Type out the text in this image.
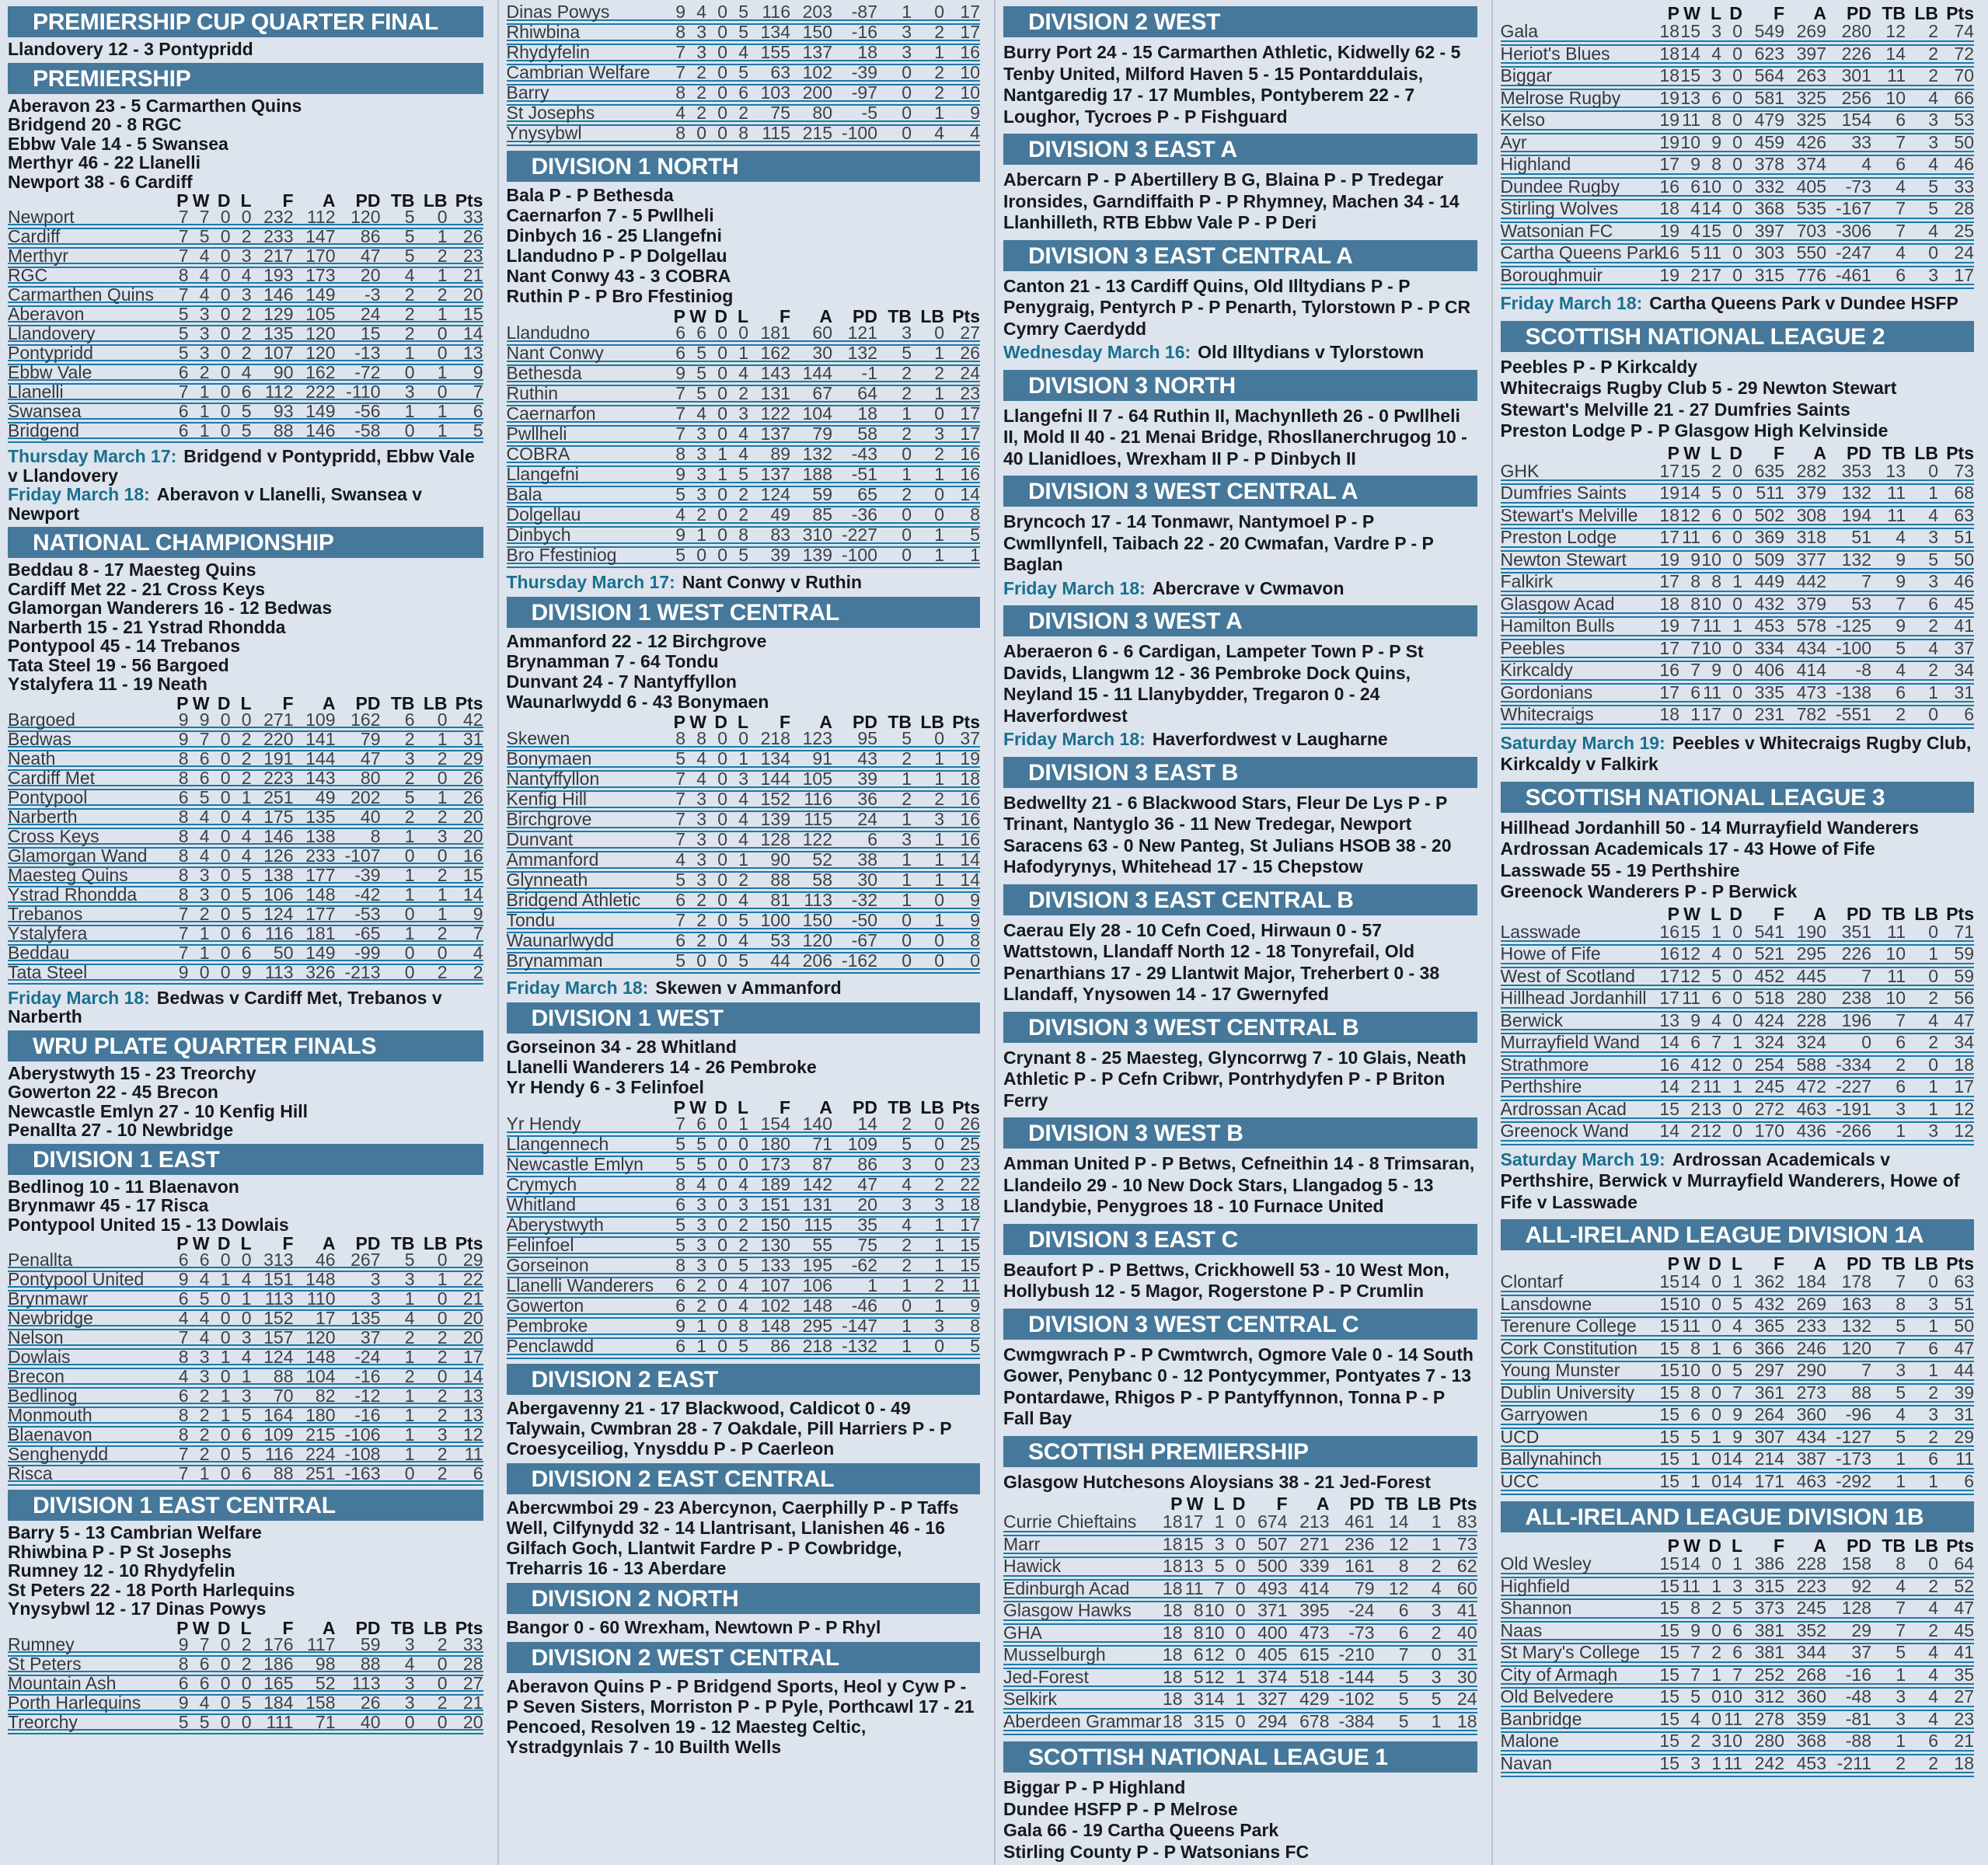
PREMIERSHIP CUP QUARTER FINAL
Llandovery 12 - 3 Pontypridd
PREMIERSHIP
Aberavon 23 - 5 Carmarthen Quins
Bridgend 20 - 8 RGC
Ebbw Vale 14 - 5 Swansea
Merthyr 46 - 22 Llanelli
Newport 38 - 6 Cardiff
	P	W	D	L	F	A	PD	TB	LB	Pts
Newport	7	7	0	0	232	112	120	5	0	33
Cardiff	7	5	0	2	233	147	86	5	1	26
Merthyr	7	4	0	3	217	170	47	5	2	23
RGC	8	4	0	4	193	173	20	4	1	21
Carmarthen Quins	7	4	0	3	146	149	-3	2	2	20
Aberavon	5	3	0	2	129	105	24	2	1	15
Llandovery	5	3	0	2	135	120	15	2	0	14
Pontypridd	5	3	0	2	107	120	-13	1	0	13
Ebbw Vale	6	2	0	4	90	162	-72	0	1	9
Llanelli	7	1	0	6	112	222	-110	3	0	7
Swansea	6	1	0	5	93	149	-56	1	1	6
Bridgend	6	1	0	5	88	146	-58	0	1	5
Thursday March 17: Bridgend v Pontypridd, Ebbw Vale v Llandovery
Friday March 18: Aberavon v Llanelli, Swansea v Newport
NATIONAL CHAMPIONSHIP
Beddau 8 - 17 Maesteg Quins
Cardiff Met 22 - 21 Cross Keys
Glamorgan Wanderers 16 - 12 Bedwas
Narberth 15 - 21 Ystrad Rhondda
Pontypool 45 - 14 Trebanos
Tata Steel 19 - 56 Bargoed
Ystalyfera 11 - 19 Neath
	P	W	D	L	F	A	PD	TB	LB	Pts
Bargoed	9	9	0	0	271	109	162	6	0	42
Bedwas	9	7	0	2	220	141	79	2	1	31
Neath	8	6	0	2	191	144	47	3	2	29
Cardiff Met	8	6	0	2	223	143	80	2	0	26
Pontypool	6	5	0	1	251	49	202	5	1	26
Narberth	8	4	0	4	175	135	40	2	2	20
Cross Keys	8	4	0	4	146	138	8	1	3	20
Glamorgan Wand	8	4	0	4	126	233	-107	0	0	16
Maesteg Quins	8	3	0	5	138	177	-39	1	2	15
Ystrad Rhondda	8	3	0	5	106	148	-42	1	1	14
Trebanos	7	2	0	5	124	177	-53	0	1	9
Ystalyfera	7	1	0	6	116	181	-65	1	2	7
Beddau	7	1	0	6	50	149	-99	0	0	4
Tata Steel	9	0	0	9	113	326	-213	0	2	2
Friday March 18: Bedwas v Cardiff Met, Trebanos v Narberth
WRU PLATE QUARTER FINALS
Aberystwyth 15 - 23 Treorchy
Gowerton 22 - 45 Brecon
Newcastle Emlyn 27 - 10 Kenfig Hill
Penallta 27 - 10 Newbridge
DIVISION 1 EAST
Bedlinog 10 - 11 Blaenavon
Brynmawr 45 - 17 Risca
Pontypool United 15 - 13 Dowlais
	P	W	D	L	F	A	PD	TB	LB	Pts
Penallta	6	6	0	0	313	46	267	5	0	29
Pontypool United	9	4	1	4	151	148	3	3	1	22
Brynmawr	6	5	0	1	113	110	3	1	0	21
Newbridge	4	4	0	0	152	17	135	4	0	20
Nelson	7	4	0	3	157	120	37	2	2	20
Dowlais	8	3	1	4	124	148	-24	1	2	17
Brecon	4	3	0	1	88	104	-16	2	0	14
Bedlinog	6	2	1	3	70	82	-12	1	2	13
Monmouth	8	2	1	5	164	180	-16	1	2	13
Blaenavon	8	2	0	6	109	215	-106	1	3	12
Senghenydd	7	2	0	5	116	224	-108	1	2	11
Risca	7	1	0	6	88	251	-163	0	2	6
DIVISION 1 EAST CENTRAL
Barry 5 - 13 Cambrian Welfare
Rhiwbina P - P St Josephs
Rumney 12 - 10 Rhydyfelin
St Peters 22 - 18 Porth Harlequins
Ynysybwl 12 - 17 Dinas Powys
	P	W	D	L	F	A	PD	TB	LB	Pts
Rumney	9	7	0	2	176	117	59	3	2	33
St Peters	8	6	0	2	186	98	88	4	0	28
Mountain Ash	6	6	0	0	165	52	113	3	0	27
Porth Harlequins	9	4	0	5	184	158	26	3	2	21
Treorchy	5	5	0	0	111	71	40	0	0	20
Dinas Powys	9	4	0	5	116	203	-87	1	0	17
Rhiwbina	8	3	0	5	134	150	-16	3	2	17
Rhydyfelin	7	3	0	4	155	137	18	3	1	16
Cambrian Welfare	7	2	0	5	63	102	-39	0	2	10
Barry	8	2	0	6	103	200	-97	0	2	10
St Josephs	4	2	0	2	75	80	-5	0	1	9
Ynysybwl	8	0	0	8	115	215	-100	0	4	4
DIVISION 1 NORTH
Bala P - P Bethesda
Caernarfon 7 - 5 Pwllheli
Dinbych 16 - 25 Llangefni
Llandudno P - P Dolgellau
Nant Conwy 43 - 3 COBRA
Ruthin P - P Bro Ffestiniog
	P	W	D	L	F	A	PD	TB	LB	Pts
Llandudno	6	6	0	0	181	60	121	3	0	27
Nant Conwy	6	5	0	1	162	30	132	5	1	26
Bethesda	9	5	0	4	143	144	-1	2	2	24
Ruthin	7	5	0	2	131	67	64	2	1	23
Caernarfon	7	4	0	3	122	104	18	1	0	17
Pwllheli	7	3	0	4	137	79	58	2	3	17
COBRA	8	3	1	4	89	132	-43	0	2	16
Llangefni	9	3	1	5	137	188	-51	1	1	16
Bala	5	3	0	2	124	59	65	2	0	14
Dolgellau	4	2	0	2	49	85	-36	0	0	8
Dinbych	9	1	0	8	83	310	-227	0	1	5
Bro Ffestiniog	5	0	0	5	39	139	-100	0	1	1
Thursday March 17: Nant Conwy v Ruthin
DIVISION 1 WEST CENTRAL
Ammanford 22 - 12 Birchgrove
Brynamman 7 - 64 Tondu
Dunvant 24 - 7 Nantyffyllon
Waunarlwydd 6 - 43 Bonymaen
	P	W	D	L	F	A	PD	TB	LB	Pts
Skewen	8	8	0	0	218	123	95	5	0	37
Bonymaen	5	4	0	1	134	91	43	2	1	19
Nantyffyllon	7	4	0	3	144	105	39	1	1	18
Kenfig Hill	7	3	0	4	152	116	36	2	2	16
Birchgrove	7	3	0	4	139	115	24	1	3	16
Dunvant	7	3	0	4	128	122	6	3	1	16
Ammanford	4	3	0	1	90	52	38	1	1	14
Glynneath	5	3	0	2	88	58	30	1	1	14
Bridgend Athletic	6	2	0	4	81	113	-32	1	0	9
Tondu	7	2	0	5	100	150	-50	0	1	9
Waunarlwydd	6	2	0	4	53	120	-67	0	0	8
Brynamman	5	0	0	5	44	206	-162	0	0	0
Friday March 18: Skewen v Ammanford
DIVISION 1 WEST
Gorseinon 34 - 28 Whitland
Llanelli Wanderers 14 - 26 Pembroke
Yr Hendy 6 - 3 Felinfoel
	P	W	D	L	F	A	PD	TB	LB	Pts
Yr Hendy	7	6	0	1	154	140	14	2	0	26
Llangennech	5	5	0	0	180	71	109	5	0	25
Newcastle Emlyn	5	5	0	0	173	87	86	3	0	23
Crymych	8	4	0	4	189	142	47	4	2	22
Whitland	6	3	0	3	151	131	20	3	3	18
Aberystwyth	5	3	0	2	150	115	35	4	1	17
Felinfoel	5	3	0	2	130	55	75	2	1	15
Gorseinon	8	3	0	5	133	195	-62	2	1	15
Llanelli Wanderers	6	2	0	4	107	106	1	1	2	11
Gowerton	6	2	0	4	102	148	-46	0	1	9
Pembroke	9	1	0	8	148	295	-147	1	3	8
Penclawdd	6	1	0	5	86	218	-132	1	0	5
DIVISION 2 EAST
Abergavenny 21 - 17 Blackwood, Caldicot 0 - 49 Talywain, Cwmbran 28 - 7 Oakdale, Pill Harriers P - P Croesyceiliog, Ynysddu P - P Caerleon
DIVISION 2 EAST CENTRAL
Abercwmboi 29 - 23 Abercynon, Caerphilly P - P Taffs Well, Cilfynydd 32 - 14 Llantrisant, Llanishen 46 - 16 Gilfach Goch, Llantwit Fardre P - P Cowbridge, Treharris 16 - 13 Aberdare
DIVISION 2 NORTH
Bangor 0 - 60 Wrexham, Newtown P - P Rhyl
DIVISION 2 WEST CENTRAL
Aberavon Quins P - P Bridgend Sports, Heol y Cyw P - P Seven Sisters, Morriston P - P Pyle, Porthcawl 17 - 21 Pencoed, Resolven 19 - 12 Maesteg Celtic, Ystradgynlais 7 - 10 Builth Wells
DIVISION 2 WEST
Burry Port 24 - 15 Carmarthen Athletic, Kidwelly 62 - 5 Tenby United, Milford Haven 5 - 15 Pontarddulais, Nantgaredig 17 - 17 Mumbles, Pontyberem 22 - 7 Loughor, Tycroes P - P Fishguard
DIVISION 3 EAST A
Abercarn P - P Abertillery B G, Blaina P - P Tredegar Ironsides, Garndiffaith P - P Rhymney, Machen 34 - 14 Llanhilleth, RTB Ebbw Vale P - P Deri
DIVISION 3 EAST CENTRAL A
Canton 21 - 13 Cardiff Quins, Old Illtydians P - P Penygraig, Pentyrch P - P Penarth, Tylorstown P - P CR Cymry Caerdydd
Wednesday March 16: Old Illtydians v Tylorstown
DIVISION 3 NORTH
Llangefni II 7 - 64 Ruthin II, Machynlleth 26 - 0 Pwllheli II, Mold II 40 - 21 Menai Bridge, Rhosllanerchrugog 10 - 40 Llanidloes, Wrexham II P - P Dinbych II
DIVISION 3 WEST CENTRAL A
Bryncoch 17 - 14 Tonmawr, Nantymoel P - P Cwmllynfell, Taibach 22 - 20 Cwmafan, Vardre P - P Baglan
Friday March 18: Abercrave v Cwmavon
DIVISION 3 WEST A
Aberaeron 6 - 6 Cardigan, Lampeter Town P - P St Davids, Llangwm 12 - 36 Pembroke Dock Quins, Neyland 15 - 11 Llanybydder, Tregaron 0 - 24 Haverfordwest
Friday March 18: Haverfordwest v Laugharne
DIVISION 3 EAST B
Bedwellty 21 - 6 Blackwood Stars, Fleur De Lys P - P Trinant, Nantyglo 36 - 11 New Tredegar, Newport Saracens 63 - 0 New Panteg, St Julians HSOB 38 - 20 Hafodyrynys, Whitehead 17 - 15 Chepstow
DIVISION 3 EAST CENTRAL B
Caerau Ely 28 - 10 Cefn Coed, Hirwaun 0 - 57 Wattstown, Llandaff North 12 - 18 Tonyrefail, Old Penarthians 17 - 29 Llantwit Major, Treherbert 0 - 38 Llandaff, Ynysowen 14 - 17 Gwernyfed
DIVISION 3 WEST CENTRAL B
Crynant 8 - 25 Maesteg, Glyncorrwg 7 - 10 Glais, Neath Athletic P - P Cefn Cribwr, Pontrhydyfen P - P Briton Ferry
DIVISION 3 WEST B
Amman United P - P Betws, Cefneithin 14 - 8 Trimsaran, Llandeilo 29 - 10 New Dock Stars, Llangadog 5 - 13 Llandybie, Penygroes 18 - 10 Furnace United
DIVISION 3 EAST C
Beaufort P - P Bettws, Crickhowell 53 - 10 West Mon, Hollybush 12 - 5 Magor, Rogerstone P - P Crumlin
DIVISION 3 WEST CENTRAL C
Cwmgwrach P - P Cwmtwrch, Ogmore Vale 0 - 14 South Gower, Penybanc 0 - 12 Pontycymmer, Pontyates 7 - 13 Pontardawe, Rhigos P - P Pantyffynnon, Tonna P - P Fall Bay
SCOTTISH PREMIERSHIP
Glasgow Hutchesons Aloysians 38 - 21 Jed-Forest
	P	W	L	D	F	A	PD	TB	LB	Pts
Currie Chieftains	18	17	1	0	674	213	461	14	1	83
Marr	18	15	3	0	507	271	236	12	1	73
Hawick	18	13	5	0	500	339	161	8	2	62
Edinburgh Acad	18	11	7	0	493	414	79	12	4	60
Glasgow Hawks	18	8	10	0	371	395	-24	6	3	41
GHA	18	8	10	0	400	473	-73	6	2	40
Musselburgh	18	6	12	0	405	615	-210	7	0	31
Jed-Forest	18	5	12	1	374	518	-144	5	3	30
Selkirk	18	3	14	1	327	429	-102	5	5	24
Aberdeen Grammar	18	3	15	0	294	678	-384	5	1	18
SCOTTISH NATIONAL LEAGUE 1
Biggar P - P Highland
Dundee HSFP P - P Melrose
Gala 66 - 19 Cartha Queens Park
Stirling County P - P Watsonians FC
	P	W	L	D	F	A	PD	TB	LB	Pts
Gala	18	15	3	0	549	269	280	12	2	74
Heriot's Blues	18	14	4	0	623	397	226	14	2	72
Biggar	18	15	3	0	564	263	301	11	2	70
Melrose Rugby	19	13	6	0	581	325	256	10	4	66
Kelso	19	11	8	0	479	325	154	6	3	53
Ayr	19	10	9	0	459	426	33	7	3	50
Highland	17	9	8	0	378	374	4	6	4	46
Dundee Rugby	16	6	10	0	332	405	-73	4	5	33
Stirling Wolves	18	4	14	0	368	535	-167	7	5	28
Watsonian FC	19	4	15	0	397	703	-306	7	4	25
Cartha Queens Park	16	5	11	0	303	550	-247	4	0	24
Boroughmuir	19	2	17	0	315	776	-461	6	3	17
Friday March 18: Cartha Queens Park v Dundee HSFP
SCOTTISH NATIONAL LEAGUE 2
Peebles P - P Kirkcaldy
Whitecraigs Rugby Club 5 - 29 Newton Stewart
Stewart's Melville 21 - 27 Dumfries Saints
Preston Lodge P - P Glasgow High Kelvinside
	P	W	L	D	F	A	PD	TB	LB	Pts
GHK	17	15	2	0	635	282	353	13	0	73
Dumfries Saints	19	14	5	0	511	379	132	11	1	68
Stewart's Melville	18	12	6	0	502	308	194	11	4	63
Preston Lodge	17	11	6	0	369	318	51	4	3	51
Newton Stewart	19	9	10	0	509	377	132	9	5	50
Falkirk	17	8	8	1	449	442	7	9	3	46
Glasgow Acad	18	8	10	0	432	379	53	7	6	45
Hamilton Bulls	19	7	11	1	453	578	-125	9	2	41
Peebles	17	7	10	0	334	434	-100	5	4	37
Kirkcaldy	16	7	9	0	406	414	-8	4	2	34
Gordonians	17	6	11	0	335	473	-138	6	1	31
Whitecraigs	18	1	17	0	231	782	-551	2	0	6
Saturday March 19: Peebles v Whitecraigs Rugby Club, Kirkcaldy v Falkirk
SCOTTISH NATIONAL LEAGUE 3
Hillhead Jordanhill 50 - 14 Murrayfield Wanderers
Ardrossan Academicals 17 - 43 Howe of Fife
Lasswade 55 - 19 Perthshire
Greenock Wanderers P - P Berwick
	P	W	L	D	F	A	PD	TB	LB	Pts
Lasswade	16	15	1	0	541	190	351	11	0	71
Howe of Fife	16	12	4	0	521	295	226	10	1	59
West of Scotland	17	12	5	0	452	445	7	11	0	59
Hillhead Jordanhill	17	11	6	0	518	280	238	10	2	56
Berwick	13	9	4	0	424	228	196	7	4	47
Murrayfield Wand	14	6	7	1	324	324	0	6	2	34
Strathmore	16	4	12	0	254	588	-334	2	0	18
Perthshire	14	2	11	1	245	472	-227	6	1	17
Ardrossan Acad	15	2	13	0	272	463	-191	3	1	12
Greenock Wand	14	2	12	0	170	436	-266	1	3	12
Saturday March 19: Ardrossan Academicals v Perthshire, Berwick v Murrayfield Wanderers, Howe of Fife v Lasswade
ALL-IRELAND LEAGUE DIVISION 1A
	P	W	D	L	F	A	PD	TB	LB	Pts
Clontarf	15	14	0	1	362	184	178	7	0	63
Lansdowne	15	10	0	5	432	269	163	8	3	51
Terenure College	15	11	0	4	365	233	132	5	1	50
Cork Constitution	15	8	1	6	366	246	120	7	6	47
Young Munster	15	10	0	5	297	290	7	3	1	44
Dublin University	15	8	0	7	361	273	88	5	2	39
Garryowen	15	6	0	9	264	360	-96	4	3	31
UCD	15	5	1	9	307	434	-127	5	2	29
Ballynahinch	15	1	0	14	214	387	-173	1	6	11
UCC	15	1	0	14	171	463	-292	1	1	6
ALL-IRELAND LEAGUE DIVISION 1B
	P	W	D	L	F	A	PD	TB	LB	Pts
Old Wesley	15	14	0	1	386	228	158	8	0	64
Highfield	15	11	1	3	315	223	92	4	2	52
Shannon	15	8	2	5	373	245	128	7	4	47
Naas	15	9	0	6	381	352	29	7	2	45
St Mary's College	15	7	2	6	381	344	37	5	4	41
City of Armagh	15	7	1	7	252	268	-16	1	4	35
Old Belvedere	15	5	0	10	312	360	-48	3	4	27
Banbridge	15	4	0	11	278	359	-81	3	4	23
Malone	15	2	3	10	280	368	-88	1	6	21
Navan	15	3	1	11	242	453	-211	2	2	18
